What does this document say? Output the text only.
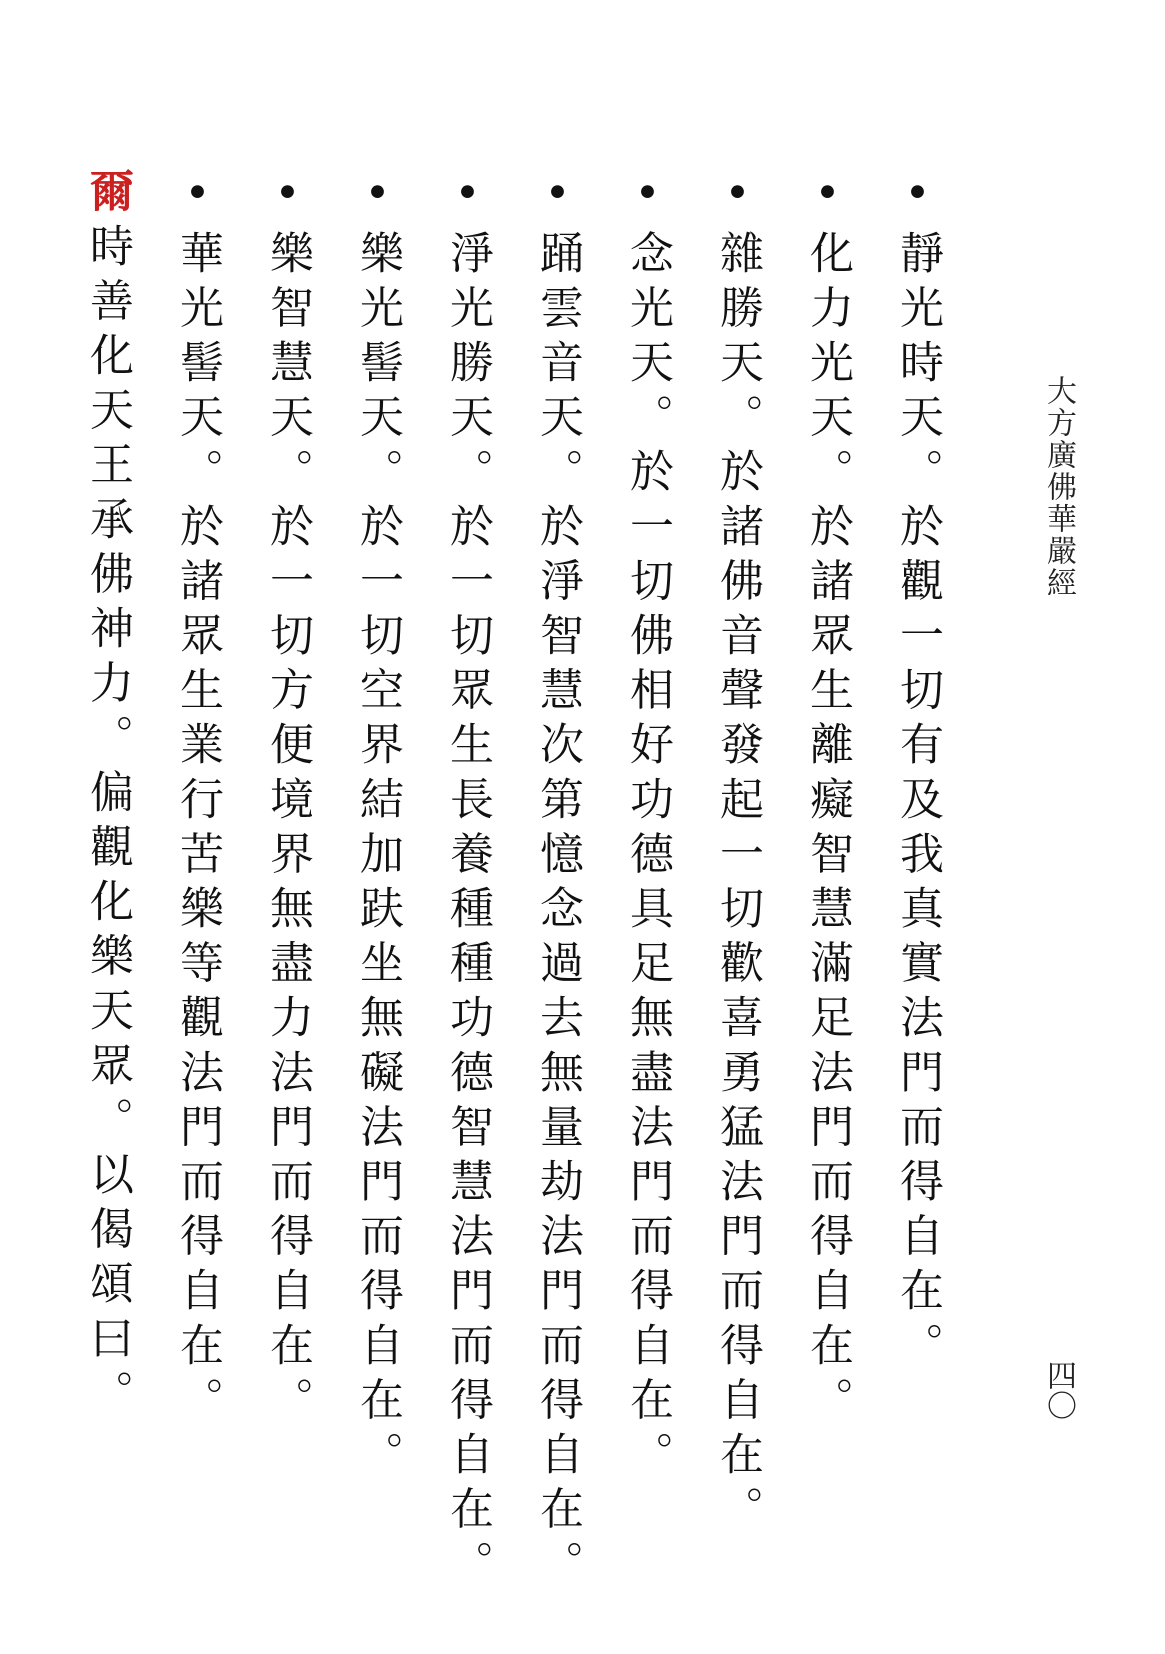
大方廣佛華嚴經
四〇
•靜光時天。於觀一切有及我真實法門而得自在。
•化力光天。於諸眾生離癡智慧滿足法門而得自在。
•雜勝天。於諸佛音聲發起一切歡喜勇猛法門而得自在。
•念光天。於一切佛相好功德具足無盡法門而得自在。
•踊雲音天。於淨智慧次第憶念過去無量劫法門而得自在。
•淨光勝天。於一切眾生長養種種功德智慧法門而得自在。
•樂光髻天。於一切空界結加趺坐無礙法門而得自在。
•樂智慧天。於一切方便境界無盡力法門而得自在。
•華光髻天。於諸眾生業行苦樂等觀法門而得自在。
爾時善化天王承佛神力。偏觀化樂天眾。以偈頌曰。
